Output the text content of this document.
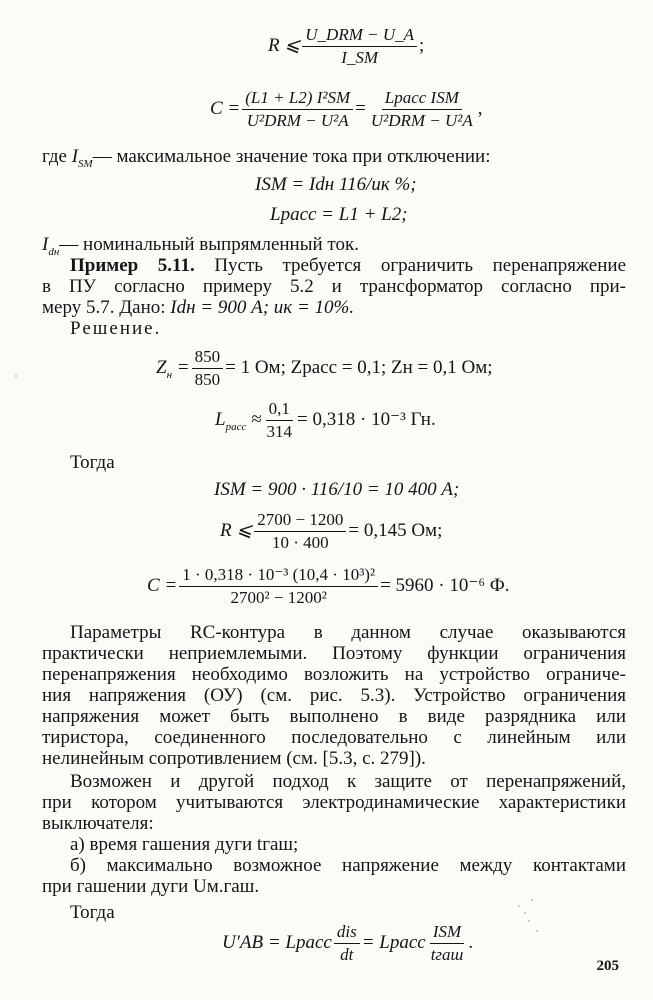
R ⩽ $\frac{\text{U\_DRM − U\_A}}{I\_SM}$ ;
$C = \frac{\text{(L1 + L2) I²SM}}{\text{U²DRM − U²A}} = \frac{\text{Lрасс ISM}}{\text{U²DRM − U²A}}$ ,
где $I_{SM}—$ максимальное значение тока при отключении:
ISM = Idн 116/uк %;
Lрасс = L1 + L2;
$I_{dн}—$ номинальный выпрямленный ток.
Пример 5.11. Пусть требуется ограничить перенапряжение
в ПУ согласно примеру 5.2 и трансформатор согласно при-
меру 5.7. Дано: Idн = 900 А; uк = 10%.
Решение.
$Z_н = \frac{850}{850} = 1$ Ом; Zрасс = 0,1; Zн = 0,1 Ом;
$L_{расс} \approx \frac{0,1}{314} = 0,318 \cdot 10^{-3}$ Гн.
Тогда
ISM = 900 · 116/10 = 10 400 А;
R ⩽ $\frac{2700 - 1200}{10 \cdot 400} = 0,145$ Ом;
$C = \frac{\text{1 · 0,318 · 10⁻³ (10,4 · 10³)²}}{\text{2700² − 1200²}} = 5960 \cdot 10^{-6}$ Ф.
Параметры RC-контура в данном случае оказываются
практически неприемлемыми. Поэтому функции ограничения
перенапряжения необходимо возложить на устройство ограниче-
ния напряжения (ОУ) (см. рис. 5.3). Устройство ограничения
напряжения может быть выполнено в виде разрядника или
тиристора, соединенного последовательно с линейным или
нелинейным сопротивлением (см. [5.3, с. 279]).
Возможен и другой подход к защите от перенапряжений,
при котором учитываются электродинамические характеристики
выключателя:
а) время гашения дуги tгаш;
б) максимально возможное напряжение между контактами
при гашении дуги Uм.гаш.
Тогда
U′AB = Lрасс $\frac{\text{dis}}{dt}$ = Lрасс $\frac{\text{ISM}}{\text{tгаш}}$ .
205
